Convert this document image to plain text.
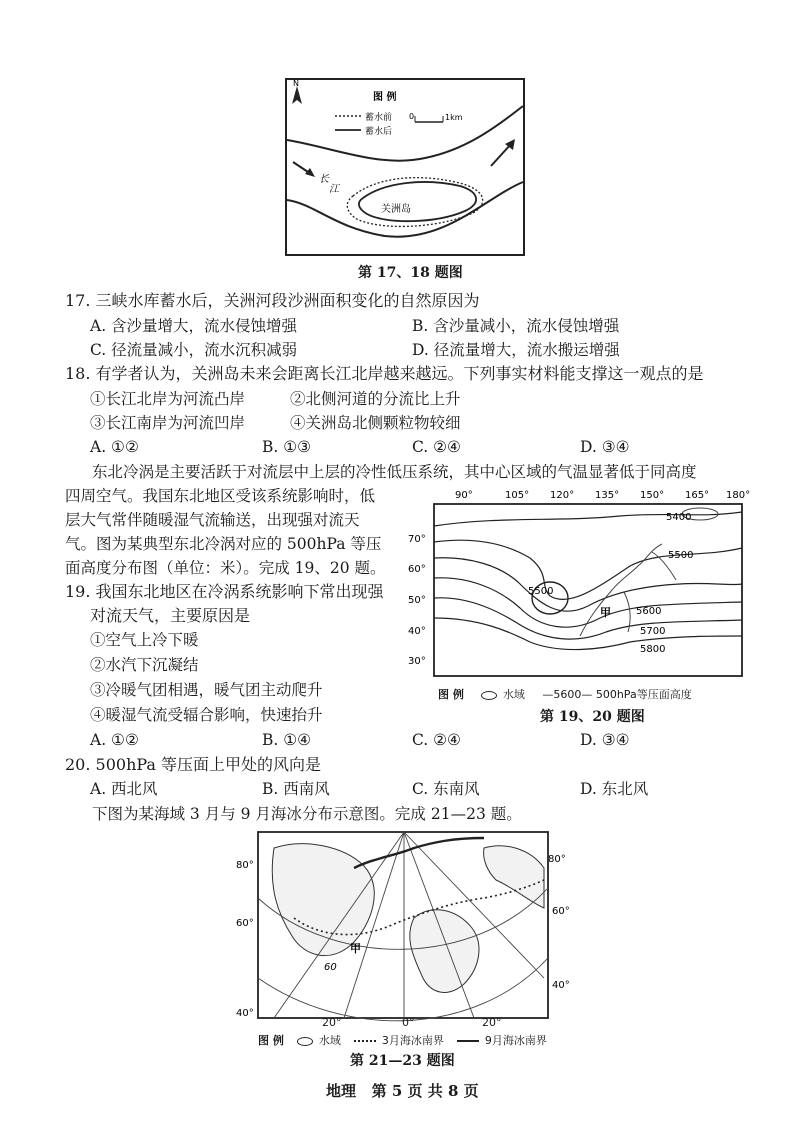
N
图 例
蓄水前
蓄水后
0	1km
长
江
关洲岛
第 17、18 题图
17. 三峡水库蓄水后，关洲河段沙洲面积变化的自然原因为
A. 含沙量增大，流水侵蚀增强	B. 含沙量减小，流水侵蚀增强
C. 径流量减小，流水沉积减弱	D. 径流量增大，流水搬运增强
18. 有学者认为，关洲岛未来会距离长江北岸越来越远。下列事实材料能支撑这一观点的是
①长江北岸为河流凸岸	②北侧河道的分流比上升
③长江南岸为河流凹岸	④关洲岛北侧颗粒物较细
A. ①②	B. ①③	C. ②④	D. ③④
东北冷涡是主要活跃于对流层中上层的冷性低压系统，其中心区域的气温显著低于同高度
四周空气。我国东北地区受该系统影响时，低
层大气常伴随暖湿气流输送，出现强对流天
气。图为某典型东北冷涡对应的 500hPa 等压
面高度分布图（单位：米）。完成 19、20 题。
90°	105° 120° 135° 150° 165° 180°
70°
60°
50°
40°
30°
5400
5500
5500
5600
5700
5800
甲
图 例	水域 —5600— 500hPa等压面高度
第 19、20 题图
19. 我国东北地区在冷涡系统影响下常出现强
对流天气，主要原因是
①空气上冷下暖
②水汽下沉凝结
③冷暖气团相遇，暖气团主动爬升
④暖湿气流受辐合影响，快速抬升
A. ①②	B. ①④	C. ②④	D. ③④
20. 500hPa 等压面上甲处的风向是
A. 西北风	B. 西南风	C. 东南风	D. 东北风
下图为某海域 3 月与 9 月海冰分布示意图。完成 21—23 题。
80°
60°
40°
80°
60°
40°
60
甲
20°	0°	20°
图 例	水域	3月海冰南界	9月海冰南界
第 21—23 题图
地理   第 5 页 共 8 页
